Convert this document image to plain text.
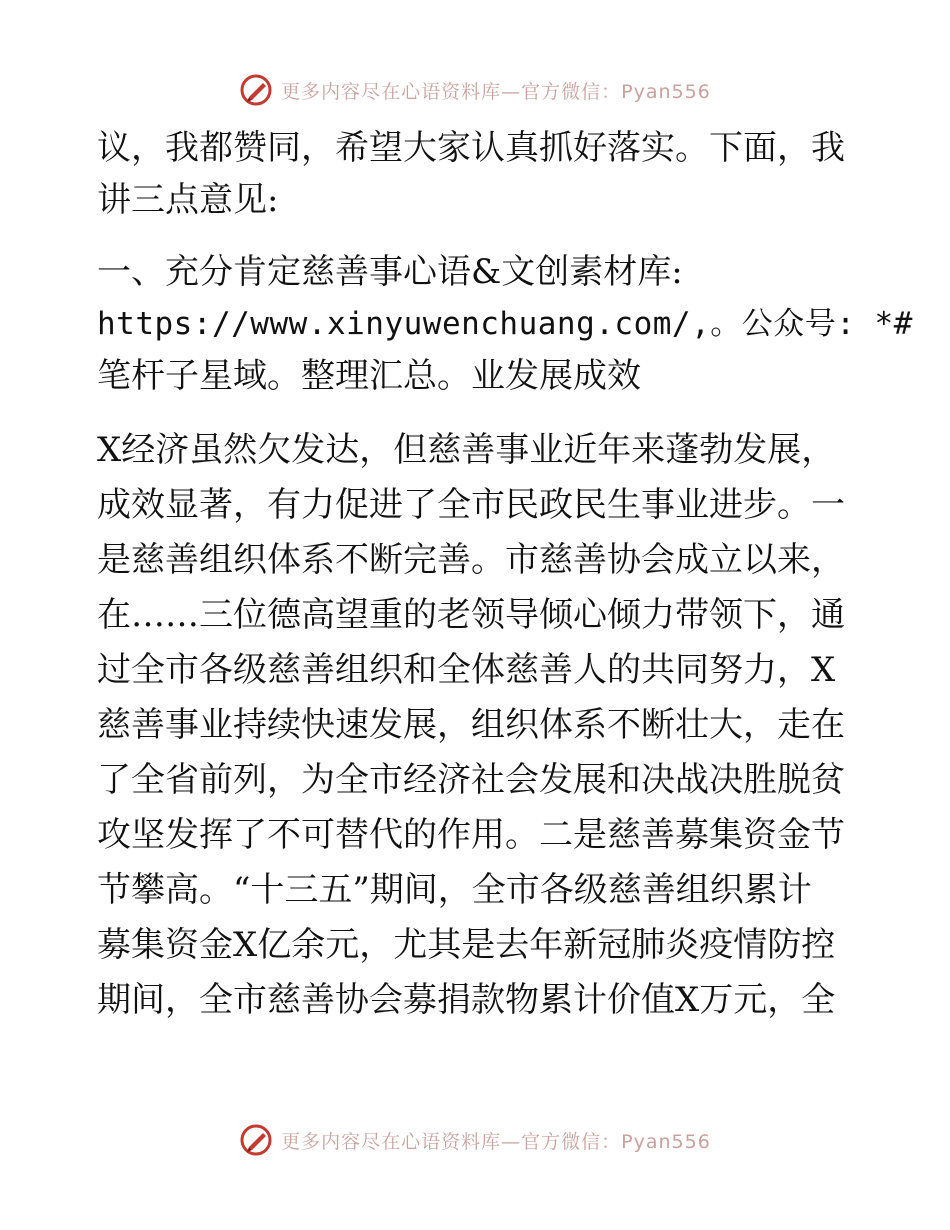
更多内容尽在心语资料库—官方微信：Pyan556
议，我都赞同，希望大家认真抓好落实。下面，我
讲三点意见:
一、充分肯定慈善事心语&文创素材库:
https://www.xinyuwenchuang.com/,。公众号: *#
笔杆子星域。整理汇总。业发展成效
X经济虽然欠发达，但慈善事业近年来蓬勃发展，
成效显著，有力促进了全市民政民生事业进步。一
是慈善组织体系不断完善。市慈善协会成立以来，
在……三位德高望重的老领导倾心倾力带领下，通
过全市各级慈善组织和全体慈善人的共同努力，X
慈善事业持续快速发展，组织体系不断壮大，走在
了全省前列，为全市经济社会发展和决战决胜脱贫
攻坚发挥了不可替代的作用。二是慈善募集资金节
节攀高。“十三五”期间，全市各级慈善组织累计
募集资金X亿余元，尤其是去年新冠肺炎疫情防控
期间，全市慈善协会募捐款物累计价值X万元，全
更多内容尽在心语资料库—官方微信：Pyan556
